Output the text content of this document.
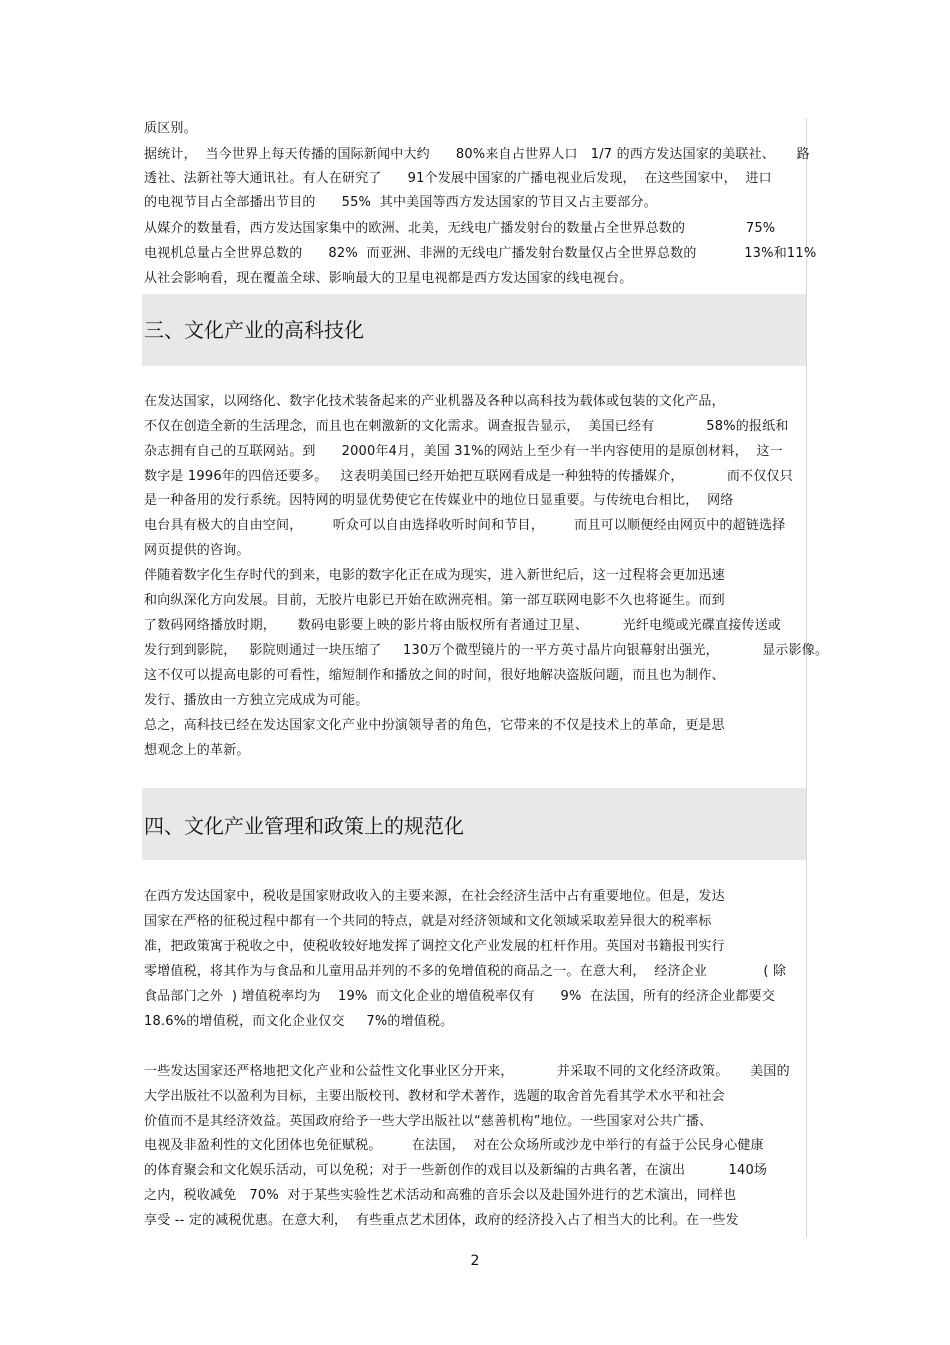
质区别。
据统计，  当今世界上每天传播的国际新闻中大约      80%来自占世界人口   1/7 的西方发达国家的美联社、     路
透社、法新社等大通讯社。有人在研究了      91个发展中国家的广播电视业后发现，  在这些国家中，  进口
的电视节目占全部播出节目的      55%  其中美国等西方发达国家的节目又占主要部分。
从媒介的数量看，西方发达国家集中的欧洲、北美，无线电广播发射台的数量占全世界总数的              75%
电视机总量占全世界总数的      82%  而亚洲、非洲的无线电广播发射台数量仅占全世界总数的           13%和11%
从社会影响看，现在覆盖全球、影响最大的卫星电视都是西方发达国家的线电视台。
三、文化产业的高科技化
在发达国家，以网络化、数字化技术装备起来的产业机器及各种以高科技为载体或包装的文化产品，
不仅在创造全新的生活理念，而且也在刺激新的文化需求。调查报告显示，  美国已经有            58%的报纸和
杂志拥有自己的互联网站。到      2000年4月，美国 31%的网站上至少有一半内容使用的是原创材料，  这一
数字是 1996年的四倍还要多。   这表明美国已经开始把互联网看成是一种独特的传播媒介，          而不仅仅只
是一种备用的发行系统。因特网的明显优势使它在传媒业中的地位日显重要。与传统电台相比，  网络
电台具有极大的自由空间，       听众可以自由选择收听时间和节目，       而且可以顺便经由网页中的超链选择
网页提供的咨询。
伴随着数字化生存时代的到来，电影的数字化正在成为现实，进入新世纪后，这一过程将会更加迅速
和向纵深化方向发展。目前，无胶片电影已开始在欧洲亮相。第一部互联网电影不久也将诞生。而到
了数码网络播放时期，     数码电影要上映的影片将由版权所有者通过卫星、        光纤电缆或光碟直接传送或
发行到到影院，   影院则通过一块压缩了     130万个微型镜片的一平方英寸晶片向银幕射出强光，          显示影像。
这不仅可以提高电影的可看性，缩短制作和播放之间的时间，很好地解决盗版问题，而且也为制作、
发行、播放由一方独立完成成为可能。
总之，高科技已经在发达国家文化产业中扮演领导者的角色，它带来的不仅是技术上的革命，更是思
想观念上的革新。
四、文化产业管理和政策上的规范化
在西方发达国家中，税收是国家财政收入的主要来源，在社会经济生活中占有重要地位。但是，发达
国家在严格的征税过程中都有一个共同的特点，就是对经济领域和文化领域采取差异很大的税率标
准，把政策寓于税收之中，使税收较好地发挥了调控文化产业发展的杠杆作用。英国对书籍报刊实行
零增值税，将其作为与食品和儿童用品并列的不多的免增值税的商品之一。在意大利，  经济企业             ( 除
食品部门之外  ) 增值税率均为    19%  而文化企业的增值税率仅有      9%  在法国，所有的经济企业都要交
18.6%的增值税，而文化企业仅交     7%的增值税。
一些发达国家还严格地把文化产业和公益性文化事业区分开来，          并采取不同的文化经济政策。     美国的
大学出版社不以盈利为目标，主要出版校刊、教材和学术著作，选题的取舍首先看其学术水平和社会
价值而不是其经济效益。英国政府给予一些大学出版社以“慈善机构”地位。一些国家对公共广播、
电视及非盈利性的文化团体也免征赋税。       在法国，  对在公众场所或沙龙中举行的有益于公民身心健康
的体育聚会和文化娱乐活动，可以免税；对于一些新创作的戏目以及新编的古典名著，在演出          140场
之内，税收减免   70%  对于某些实验性艺术活动和高雅的音乐会以及赴国外进行的艺术演出，同样也
享受 -- 定的减税优惠。在意大利，  有些重点艺术团体，政府的经济投入占了相当大的比利。在一些发
2
